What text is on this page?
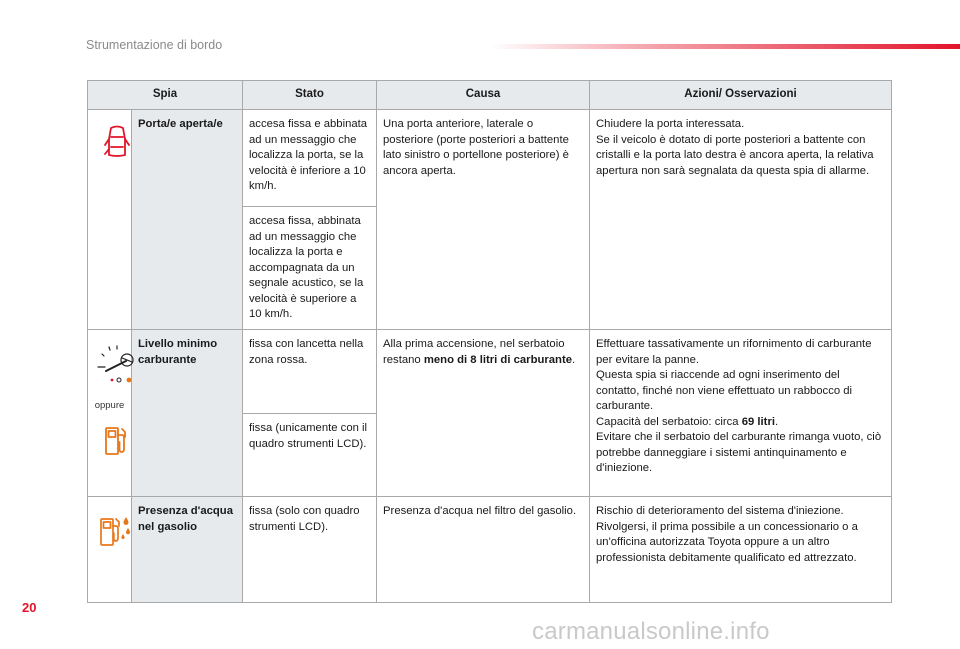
Strumentazione di bordo
Spia		Stato	Causa	Azioni/ Osservazioni

	Porta/e aperta/e	accesa fissa e abbinata ad un messaggio che localizza la porta, se la velocità è inferiore a 10 km/h.	Una porta anteriore, laterale o posteriore (porte posteriori a battente lato sinistro o portellone posteriore) è ancora aperta.	Chiudere la porta interessata.
Se il veicolo è dotato di porte posteriori a battente con cristalli e la porta lato destra è ancora aperta, la relativa apertura non sarà segnalata da questa spia di allarme.
		accesa fissa, abbinata ad un messaggio che localizza la porta e accompagnata da un segnale acustico, se la velocità è superiore a 10 km/h.		

oppure	Livello minimo carburante	fissa con lancetta nella zona rossa.	Alla prima accensione, nel serbatoio restano meno di 8 litri di carburante.	Effettuare tassativamente un rifornimento di carburante per evitare la panne.
Questa spia si riaccende ad ogni inserimento del contatto, finché non viene effettuato un rabbocco di carburante.
Capacità del serbatoio: circa 69 litri.
Evitare che il serbatoio del carburante rimanga vuoto, ciò potrebbe danneggiare i sistemi antinquinamento e d'iniezione.
		fissa (unicamente con il quadro strumenti LCD).		

	Presenza d'acqua nel gasolio	fissa (solo con quadro strumenti LCD).	Presenza d'acqua nel filtro del gasolio.	Rischio di deterioramento del sistema d'iniezione.
Rivolgersi, il prima possibile a un concessionario o a un'officina autorizzata Toyota oppure a un altro professionista debitamente qualificato ed attrezzato.
20
carmanualsonline.info
